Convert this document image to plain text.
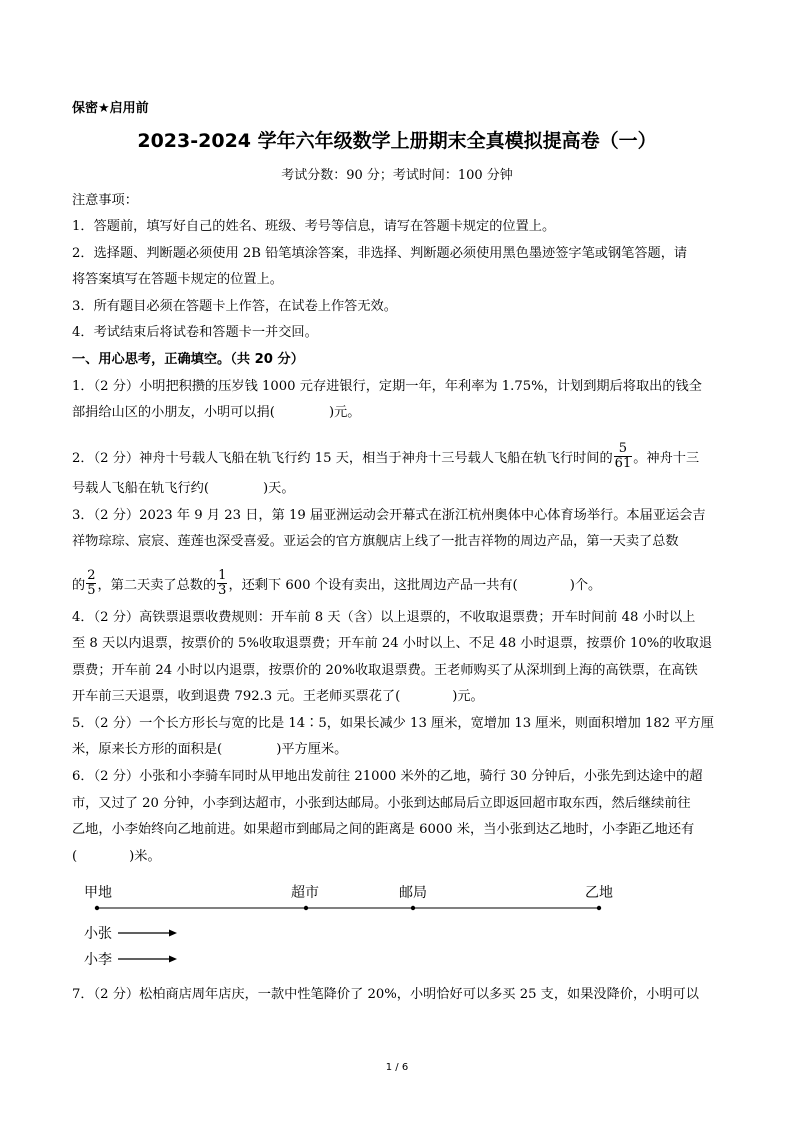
保密★启用前
2023-2024 学年六年级数学上册期末全真模拟提高卷（一）
考试分数：90 分；考试时间：100 分钟
注意事项：
1．答题前，填写好自己的姓名、班级、考号等信息，请写在答题卡规定的位置上。
2．选择题、判断题必须使用 2B 铅笔填涂答案，非选择、判断题必须使用黑色墨迹签字笔或钢笔答题，请
将答案填写在答题卡规定的位置上。
3．所有题目必须在答题卡上作答，在试卷上作答无效。
4．考试结束后将试卷和答题卡一并交回。
一、用心思考，正确填空。（共 20 分）
1．（2 分）小明把积攒的压岁钱 1000 元存进银行，定期一年，年利率为 1.75%，计划到期后将取出的钱全
部捐给山区的小朋友，小明可以捐(	)元。
2．（2 分）神舟十号载人飞船在轨飞行约 15 天，相当于神舟十三号载人飞船在轨飞行时间的 $\frac{5}{61}$ 。神舟十三
号载人飞船在轨飞行约(	)天。
3．（2 分）2023 年 9 月 23 日，第 19 届亚洲运动会开幕式在浙江杭州奥体中心体育场举行。本届亚运会吉
祥物琮琮、宸宸、莲莲也深受喜爱。亚运会的官方旗舰店上线了一批吉祥物的周边产品，第一天卖了总数
的 $\frac{2}{5}$ ，第二天卖了总数的 $\frac{1}{3}$ ，还剩下 600 个设有卖出，这批周边产品一共有(	)个。
4．（2 分）高铁票退票收费规则：开车前 8 天（含）以上退票的，不收取退票费；开车时间前 48 小时以上
至 8 天以内退票，按票价的 5%收取退票费；开车前 24 小时以上、不足 48 小时退票，按票价 10%的收取退
票费；开车前 24 小时以内退票，按票价的 20%收取退票费。王老师购买了从深圳到上海的高铁票，在高铁
开车前三天退票，收到退费 792.3 元。王老师买票花了(	)元。
5．（2 分）一个长方形长与宽的比是 14∶5，如果长减少 13 厘米，宽增加 13 厘米，则面积增加 182 平方厘
米，原来长方形的面积是(	)平方厘米。
6．（2 分）小张和小李骑车同时从甲地出发前往 21000 米外的乙地，骑行 30 分钟后，小张先到达途中的超
市，又过了 20 分钟，小李到达超市，小张到达邮局。小张到达邮局后立即返回超市取东西，然后继续前往
乙地，小李始终向乙地前进。如果超市到邮局之间的距离是 6000 米，当小张到达乙地时，小李距乙地还有
(	)米。
甲地	超市	邮局	乙地
小张
小李
7．（2 分）松柏商店周年店庆，一款中性笔降价了 20%，小明恰好可以多买 25 支，如果没降价，小明可以
1 / 6
